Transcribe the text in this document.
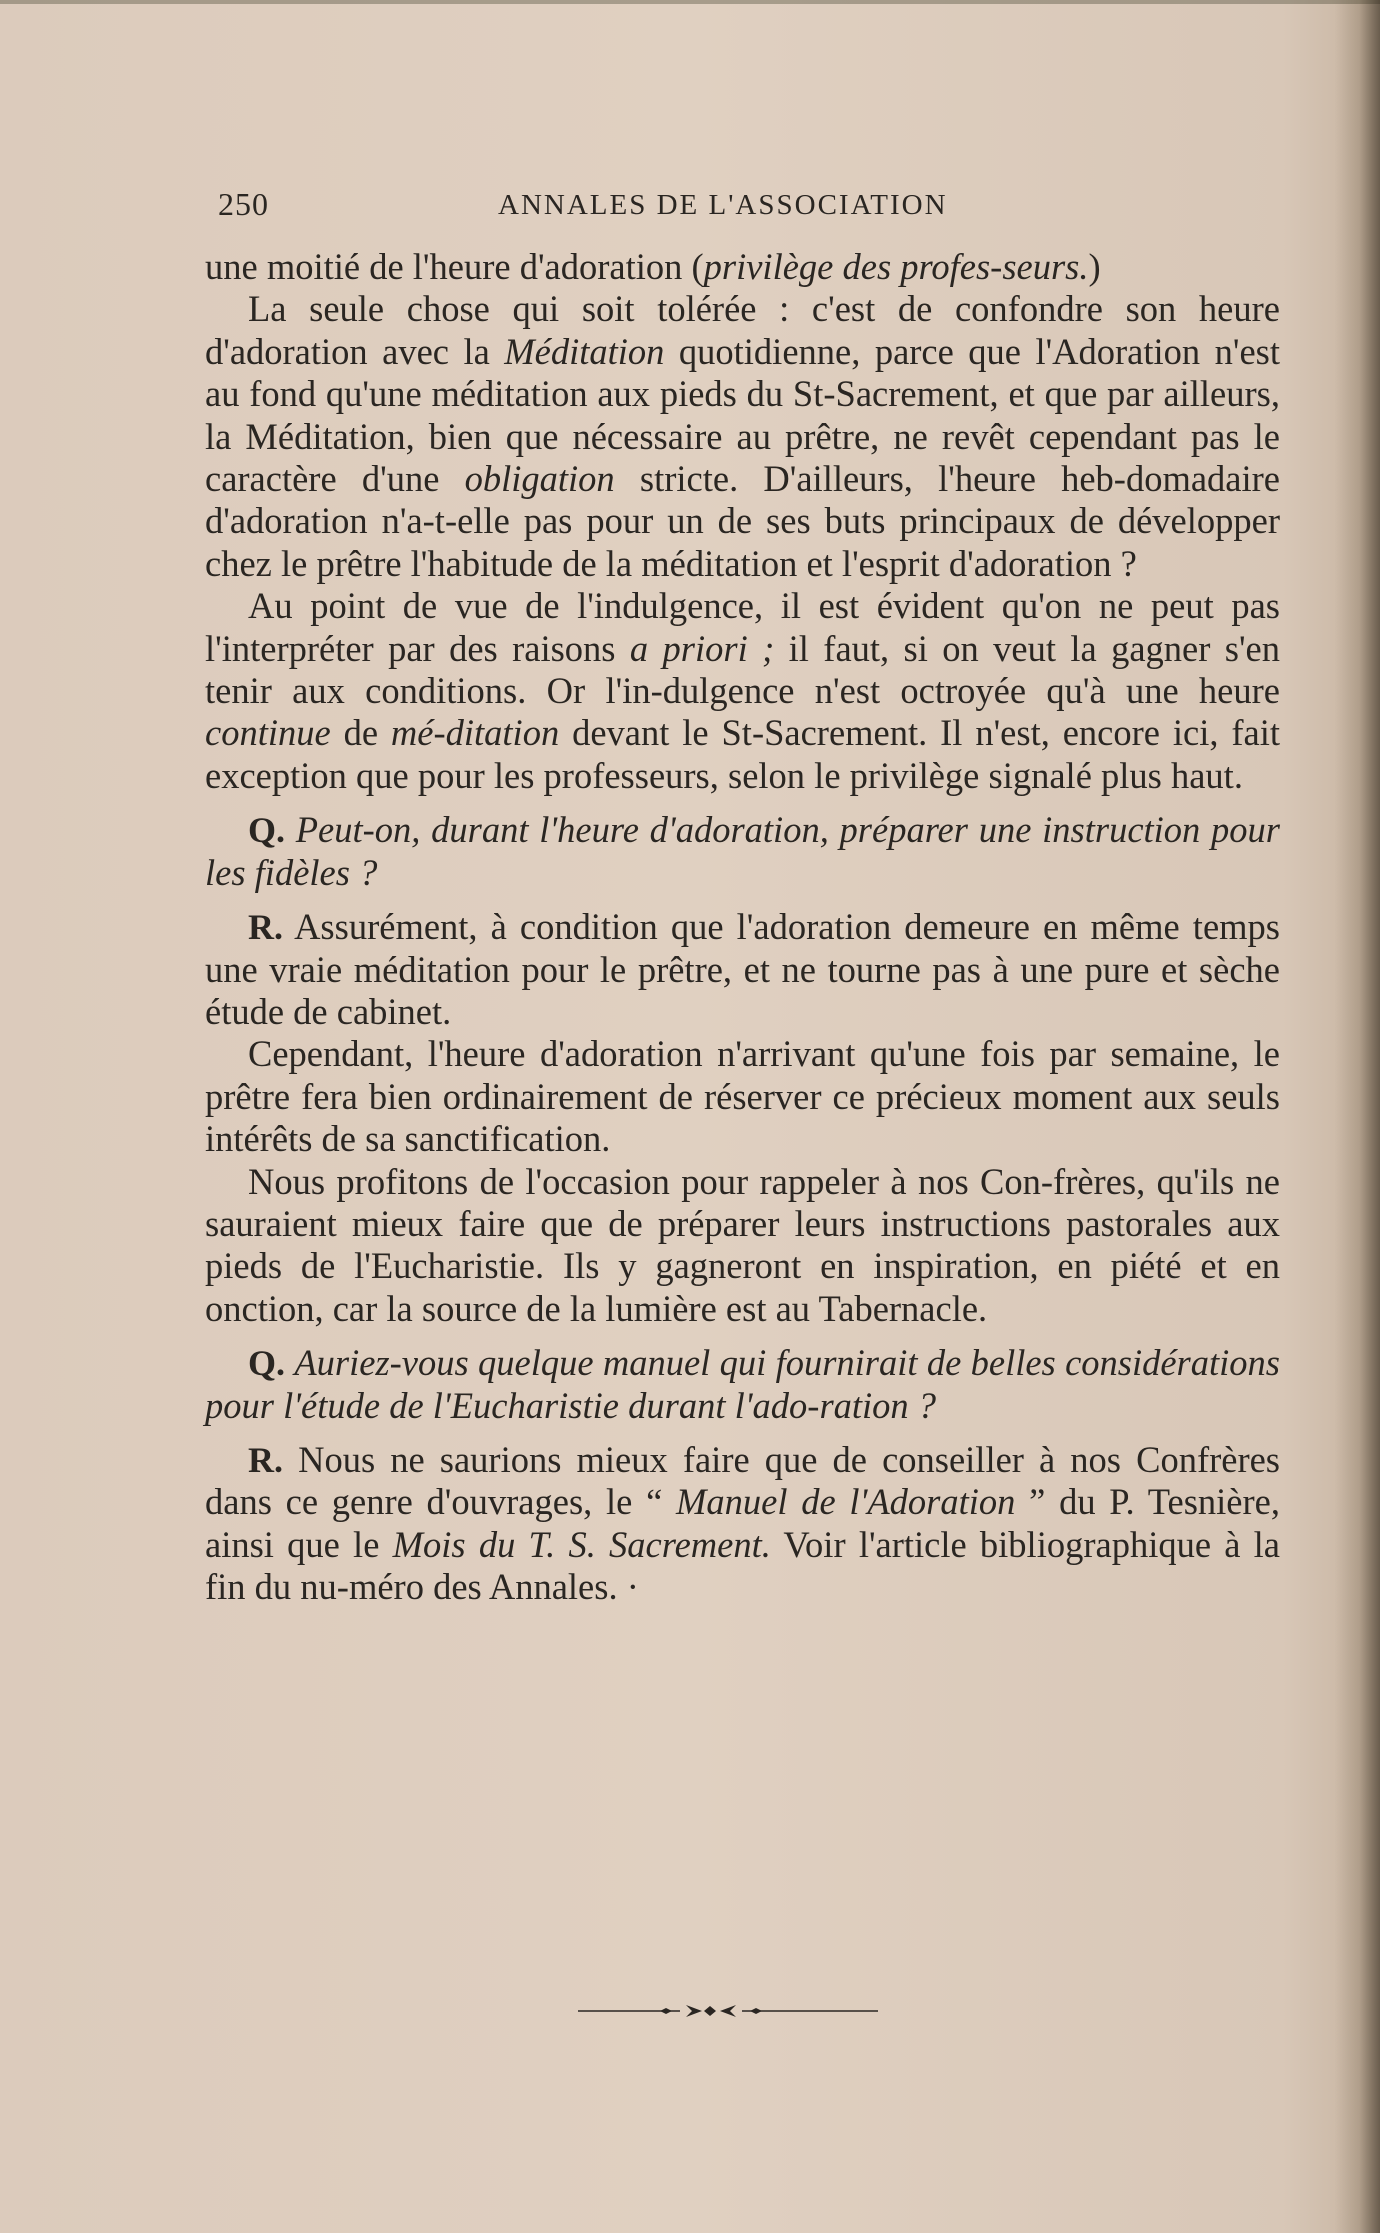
250	ANNALES DE L'ASSOCIATION

une moitié de l'heure d'adoration (privilège des profes-seurs.)

La seule chose qui soit tolérée : c'est de confondre son heure d'adoration avec la Méditation quotidienne, parce que l'Adoration n'est au fond qu'une méditation aux pieds du St-Sacrement, et que par ailleurs, la Méditation, bien que nécessaire au prêtre, ne revêt cependant pas le caractère d'une obligation stricte. D'ailleurs, l'heure heb-domadaire d'adoration n'a-t-elle pas pour un de ses buts principaux de développer chez le prêtre l'habitude de la méditation et l'esprit d'adoration ?

Au point de vue de l'indulgence, il est évident qu'on ne peut pas l'interpréter par des raisons a priori ; il faut, si on veut la gagner s'en tenir aux conditions. Or l'in-dulgence n'est octroyée qu'à une heure continue de mé-ditation devant le St-Sacrement. Il n'est, encore ici, fait exception que pour les professeurs, selon le privilège signalé plus haut.

Q. Peut-on, durant l'heure d'adoration, préparer une instruction pour les fidèles ?

R. Assurément, à condition que l'adoration demeure en même temps une vraie méditation pour le prêtre, et ne tourne pas à une pure et sèche étude de cabinet.

Cependant, l'heure d'adoration n'arrivant qu'une fois par semaine, le prêtre fera bien ordinairement de réserver ce précieux moment aux seuls intérêts de sa sanctification.

Nous profitons de l'occasion pour rappeler à nos Con-frères, qu'ils ne sauraient mieux faire que de préparer leurs instructions pastorales aux pieds de l'Eucharistie. Ils y gagneront en inspiration, en piété et en onction, car la source de la lumière est au Tabernacle.

Q. Auriez-vous quelque manuel qui fournirait de belles considérations pour l'étude de l'Eucharistie durant l'ado-ration ?

R. Nous ne saurions mieux faire que de conseiller à nos Confrères dans ce genre d'ouvrages, le “ Manuel de l'Adoration ” du P. Tesnière, ainsi que le Mois du T. S. Sacrement. Voir l'article bibliographique à la fin du nu-méro des Annales. ·
